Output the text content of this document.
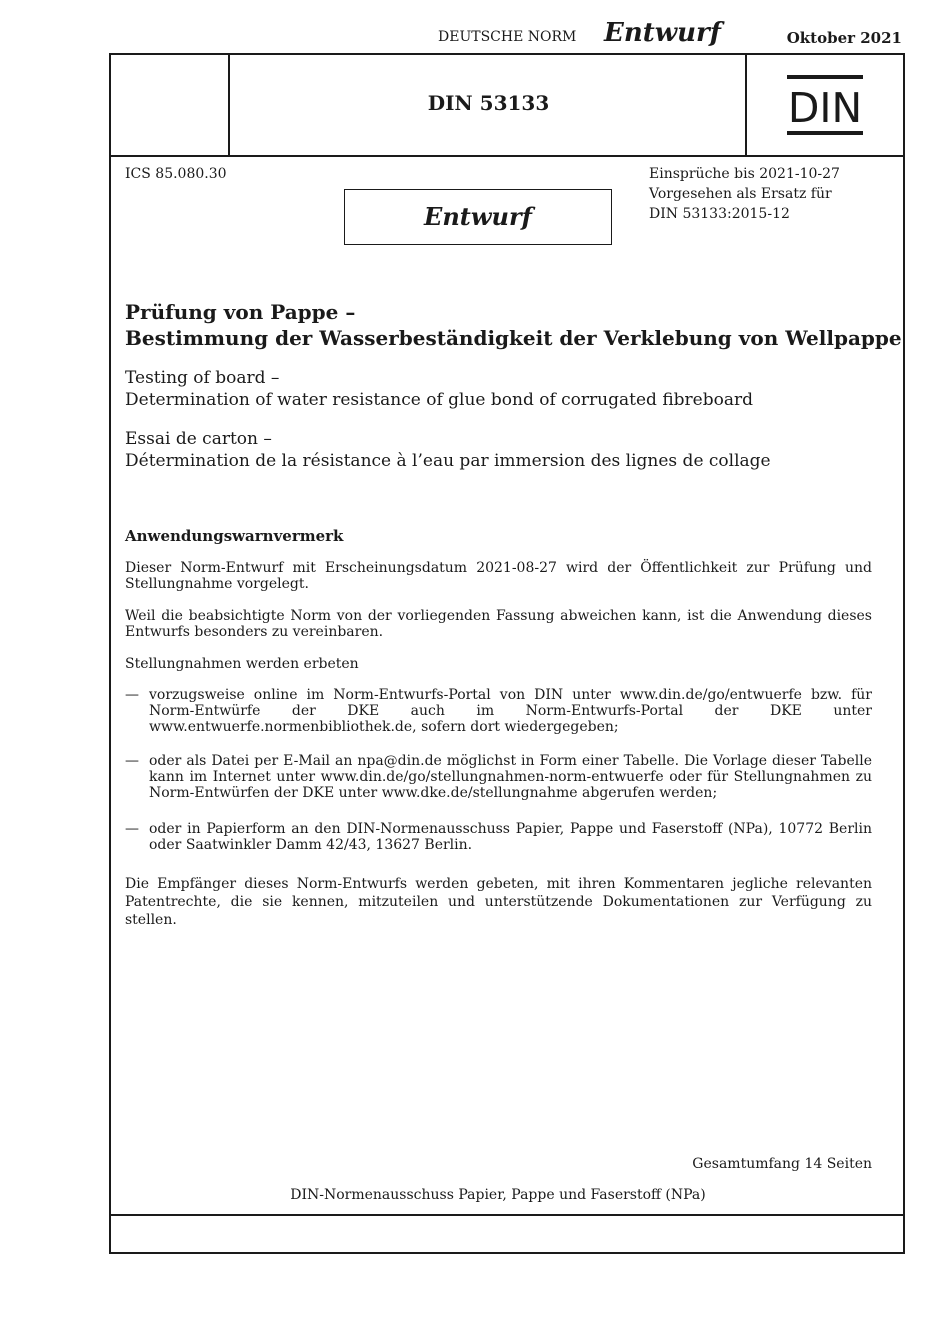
DEUTSCHE NORM Entwurf	Oktober 2021
DIN 53133	DIN
ICS 85.080.30	Einsprüche bis 2021-10-27
Vorgesehen als Ersatz für
DIN 53133:2015-12
Entwurf
Prüfung von Pappe –
Bestimmung der Wasserbeständigkeit der Verklebung von Wellpappe
Testing of board –
Determination of water resistance of glue bond of corrugated fibreboard
Essai de carton –
Détermination de la résistance à l’eau par immersion des lignes de collage
Anwendungswarnvermerk
Dieser Norm-Entwurf mit Erscheinungsdatum 2021-08-27 wird der Öffentlichkeit zur Prüfung und Stellungnahme vorgelegt.
Weil die beabsichtigte Norm von der vorliegenden Fassung abweichen kann, ist die Anwendung dieses Entwurfs besonders zu vereinbaren.
Stellungnahmen werden erbeten
— vorzugsweise online im Norm-Entwurfs-Portal von DIN unter www.din.de/go/entwuerfe bzw. für Norm-Entwürfe der DKE auch im Norm-Entwurfs-Portal der DKE unter www.entwuerfe.normenbibliothek.de, sofern dort wiedergegeben;
— oder als Datei per E-Mail an npa@din.de möglichst in Form einer Tabelle. Die Vorlage dieser Tabelle kann im Internet unter www.din.de/go/stellungnahmen-norm-entwuerfe oder für Stellungnahmen zu Norm-Entwürfen der DKE unter www.dke.de/stellungnahme abgerufen werden;
— oder in Papierform an den DIN-Normenausschuss Papier, Pappe und Faserstoff (NPa), 10772 Berlin oder Saatwinkler Damm 42/43, 13627 Berlin.
Die Empfänger dieses Norm-Entwurfs werden gebeten, mit ihren Kommentaren jegliche relevanten Patentrechte, die sie kennen, mitzuteilen und unterstützende Dokumentationen zur Verfügung zu stellen.
Gesamtumfang 14 Seiten
DIN-Normenausschuss Papier, Pappe und Faserstoff (NPa)
